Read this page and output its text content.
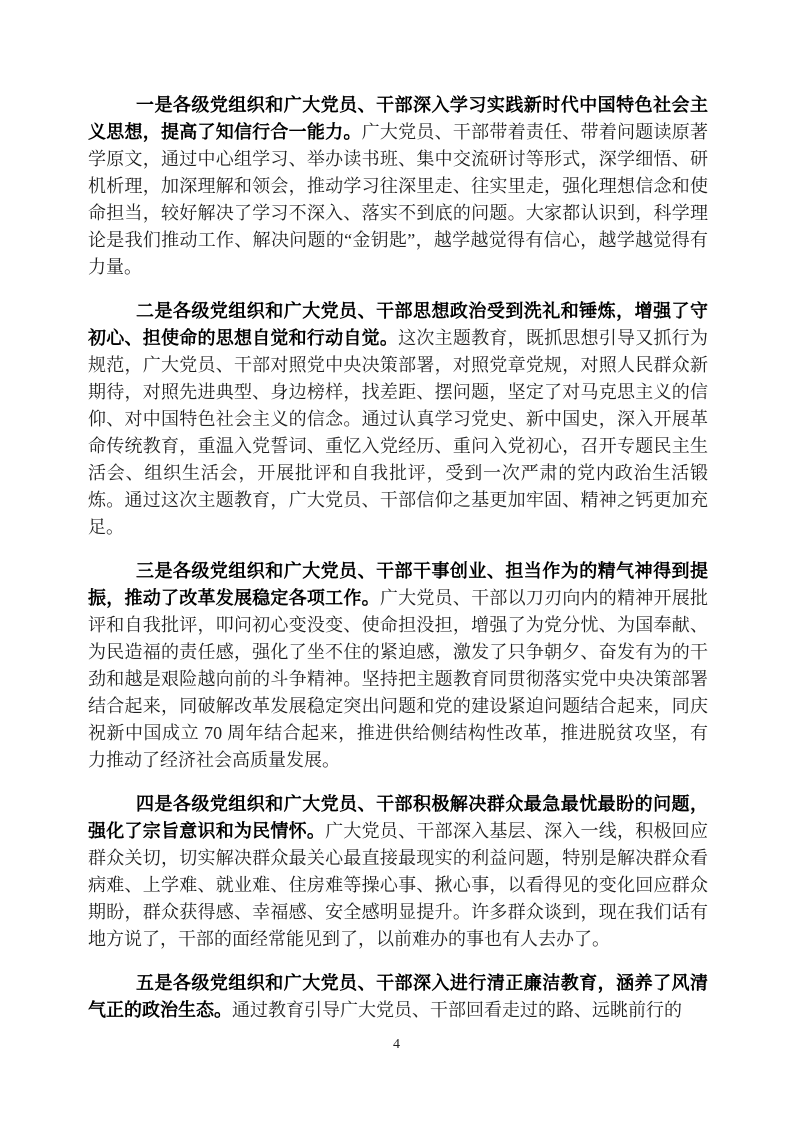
一是各级党组织和广大党员、干部深入学习实践新时代中国特色社会主义思想，提高了知信行合一能力。广大党员、干部带着责任、带着问题读原著学原文，通过中心组学习、举办读书班、集中交流研讨等形式，深学细悟、研机析理，加深理解和领会，推动学习往深里走、往实里走，强化理想信念和使命担当，较好解决了学习不深入、落实不到底的问题。大家都认识到，科学理论是我们推动工作、解决问题的“金钥匙”，越学越觉得有信心，越学越觉得有力量。

二是各级党组织和广大党员、干部思想政治受到洗礼和锤炼，增强了守初心、担使命的思想自觉和行动自觉。这次主题教育，既抓思想引导又抓行为规范，广大党员、干部对照党中央决策部署，对照党章党规，对照人民群众新期待，对照先进典型、身边榜样，找差距、摆问题，坚定了对马克思主义的信仰、对中国特色社会主义的信念。通过认真学习党史、新中国史，深入开展革命传统教育，重温入党誓词、重忆入党经历、重问入党初心，召开专题民主生活会、组织生活会，开展批评和自我批评，受到一次严肃的党内政治生活锻炼。通过这次主题教育，广大党员、干部信仰之基更加牢固、精神之钙更加充足。

三是各级党组织和广大党员、干部干事创业、担当作为的精气神得到提振，推动了改革发展稳定各项工作。广大党员、干部以刀刃向内的精神开展批评和自我批评，叩问初心变没变、使命担没担，增强了为党分忧、为国奉献、为民造福的责任感，强化了坐不住的紧迫感，激发了只争朝夕、奋发有为的干劲和越是艰险越向前的斗争精神。坚持把主题教育同贯彻落实党中央决策部署结合起来，同破解改革发展稳定突出问题和党的建设紧迫问题结合起来，同庆祝新中国成立 70 周年结合起来，推进供给侧结构性改革，推进脱贫攻坚，有力推动了经济社会高质量发展。

四是各级党组织和广大党员、干部积极解决群众最急最忧最盼的问题，强化了宗旨意识和为民情怀。广大党员、干部深入基层、深入一线，积极回应群众关切，切实解决群众最关心最直接最现实的利益问题，特别是解决群众看病难、上学难、就业难、住房难等操心事、揪心事，以看得见的变化回应群众期盼，群众获得感、幸福感、安全感明显提升。许多群众谈到，现在我们话有地方说了，干部的面经常能见到了，以前难办的事也有人去办了。

五是各级党组织和广大党员、干部深入进行清正廉洁教育，涵养了风清气正的政治生态。通过教育引导广大党员、干部回看走过的路、远眺前行的

4
